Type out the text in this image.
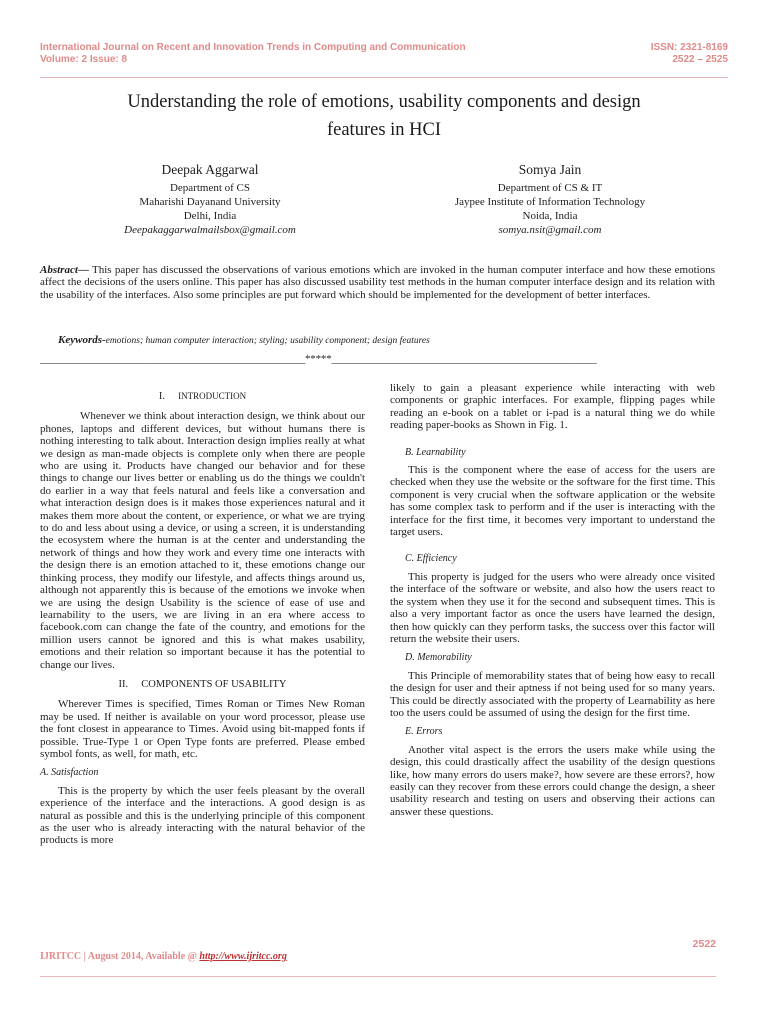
International Journal on Recent and Innovation Trends in Computing and Communication
Volume: 2 Issue: 8
ISSN: 2321-8169
2522 – 2525
Understanding the role of emotions, usability components and design
features in HCI
Deepak Aggarwal
Department of CS
Maharishi Dayanand University
Delhi, India
Deepakaggarwalmailsbox@gmail.com
Somya Jain
Department of CS & IT
Jaypee Institute of Information Technology
Noida, India
somya.nsit@gmail.com
Abstract— This paper has discussed the observations of various emotions which are invoked in the human computer interface and how these emotions affect the decisions of the users online. This paper has also discussed usability test methods in the human computer interface design and its relation with the usability of the interfaces. Also some principles are put forward which should be implemented for the development of better interfaces.
Keywords-emotions; human computer interaction; styling; usability component; design features
__________________________________________________*****__________________________________________________
I. INTRODUCTION

Whenever we think about interaction design, we think about our phones, laptops and different devices, but without humans there is nothing interesting to talk about. Interaction design implies really at what we design as man-made objects is complete only when there are people who are using it. Products have changed our behavior and for these things to change our lives better or enabling us do the things we couldn't do earlier in a way that feels natural and feels like a conversation and what interaction design does is it makes those experiences natural and it makes them more about the content, or experience, or what we are trying to do and less about using a device, or using a screen, it is understanding the ecosystem where the human is at the center and understanding the network of things and how they work and every time one interacts with the design there is an emotion attached to it, these emotions change our thinking process, they modify our lifestyle, and affects things around us, although not apparently this is because of the emotions we invoke when we are using the design Usability is the science of ease of use and learnability to the users, we are living in an era where access to facebook.com can change the fate of the country, and emotions for the million users cannot be ignored and this is what makes usability, emotions and their relation so important because it has the potential to change our lives.

II. COMPONENTS OF USABILITY

Wherever Times is specified, Times Roman or Times New Roman may be used. If neither is available on your word processor, please use the font closest in appearance to Times. Avoid using bit-mapped fonts if possible. True-Type 1 or Open Type fonts are preferred. Please embed symbol fonts, as well, for math, etc.

A. Satisfaction

This is the property by which the user feels pleasant by the overall experience of the interface and the interactions. A good design is as natural as possible and this is the underlying principle of this component as the user who is already interacting with the natural behavior of the products is more

likely to gain a pleasant experience while interacting with web components or graphic interfaces. For example, flipping pages while reading an e-book on a tablet or i-pad is a natural thing we do while reading paper-books as Shown in Fig. 1.

B. Learnability

This is the component where the ease of access for the users are checked when they use the website or the software for the first time. This component is very crucial when the software application or the website has some complex task to perform and if the user is interacting with the interface for the first time, it becomes very important to understand the target users.

C. Efficiency

This property is judged for the users who were already once visited the interface of the software or website, and also how the users react to the system when they use it for the second and subsequent times. This is also a very important factor as once the users have learned the design, then how quickly can they perform tasks, the success over this factor will return the website their users.

D. Memorability

This Principle of memorability states that of being how easy to recall the design for user and their aptness if not being used for so many years. This could be directly associated with the property of Learnability as here too the users could be assumed of using the design for the first time.

E. Errors

Another vital aspect is the errors the users make while using the design, this could drastically affect the usability of the design questions like, how many errors do users make?, how severe are these errors?, how easily can they recover from these errors could change the design, a sheer usability research and testing on users and observing their actions can answer these questions.

2522
IJRITCC | August 2014, Available @ http://www.ijritcc.org
